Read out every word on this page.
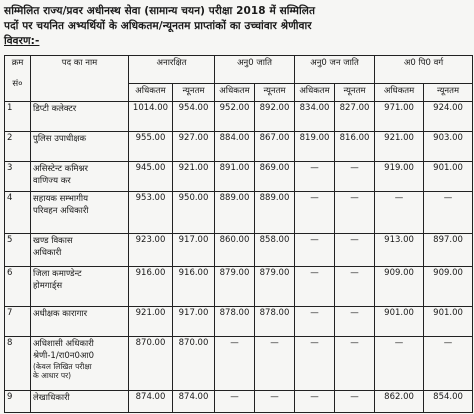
सम्मिलित राज्य/प्रवर अधीनस्थ सेवा (सामान्य चयन) परीक्षा 2018 में सम्मिलित
पदों पर चयनित अभ्यर्थियों के अधिकतम/न्यूनतम प्राप्तांकों का उच्चांवार श्रेणीवार
विवरण:-
क्रम

सं०	पद का नाम	अनारक्षित		अनु0 जाति		अनु0 जन जाति		अ0 पि0 वर्ग	
		अधिकतम	न्यूनतम	अधिकतम	न्यूनतम	अधिकतम	न्यूनतम	अधिकतम	न्यूनतम
1	डिप्टी कलेक्टर	1014.00	954.00	952.00	892.00	834.00	827.00	971.00	924.00
2	पुलिस उपाधीक्षक	955.00	927.00	884.00	867.00	819.00	816.00	921.00	903.00
3	असिस्टेन्ट कमिश्नर
वाणिज्य कर	945.00	921.00	891.00	869.00	—	—	919.00	901.00
4	सहायक सम्भागीय
परिवहन अधिकारी	953.00	950.00	889.00	889.00	—	—	—	—
5	खण्ड विकास
अधिकारी	923.00	917.00	860.00	858.00	—	—	913.00	897.00
6	जिला कमाण्डेन्ट
होमगार्ड्स	916.00	916.00	879.00	879.00	—	—	909.00	909.00
7	अधीक्षक कारागार	921.00	917.00	878.00	878.00	—	—	901.00	901.00
8	अधिशासी अधिकारी
श्रेणी-1/रा0न0आ0
(केवल लिखित परीक्षा
के आधार पर)	870.00	870.00	—	—	—	—	—	—
9	लेखाधिकारी	874.00	874.00	—	—	—	—	862.00	854.00
